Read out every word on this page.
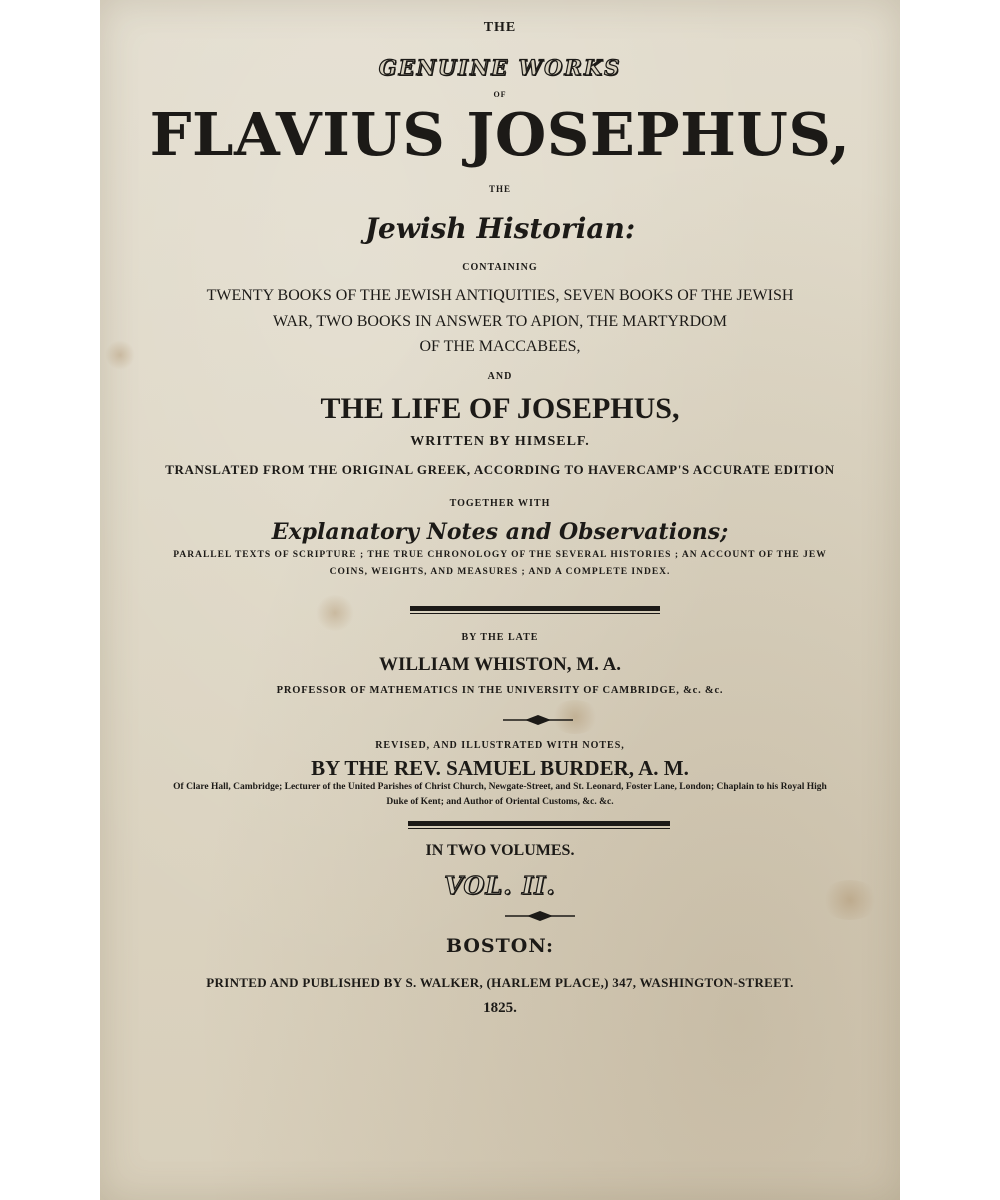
THE
GENUINE WORKS
OF
FLAVIUS JOSEPHUS,
THE
Jewish Historian:
CONTAINING
TWENTY BOOKS OF THE JEWISH ANTIQUITIES, SEVEN BOOKS OF THE JEWISH
WAR, TWO BOOKS IN ANSWER TO APION, THE MARTYRDOM
OF THE MACCABEES,
AND
THE LIFE OF JOSEPHUS,
WRITTEN BY HIMSELF.
TRANSLATED FROM THE ORIGINAL GREEK, ACCORDING TO HAVERCAMP'S ACCURATE EDITION
TOGETHER WITH
Explanatory Notes and Observations;
PARALLEL TEXTS OF SCRIPTURE ; THE TRUE CHRONOLOGY OF THE SEVERAL HISTORIES ; AN ACCOUNT OF THE JEW
COINS, WEIGHTS, AND MEASURES ; AND A COMPLETE INDEX.
BY THE LATE
WILLIAM WHISTON, M. A.
PROFESSOR OF MATHEMATICS IN THE UNIVERSITY OF CAMBRIDGE, &c. &c.
REVISED, AND ILLUSTRATED WITH NOTES,
BY THE REV. SAMUEL BURDER, A. M.
Of Clare Hall, Cambridge; Lecturer of the United Parishes of Christ Church, Newgate-Street, and St. Leonard, Foster Lane, London; Chaplain to his Royal High
Duke of Kent; and Author of Oriental Customs, &c. &c.
IN TWO VOLUMES.
VOL. II.
BOSTON:
PRINTED AND PUBLISHED BY S. WALKER, (HARLEM PLACE,) 347, WASHINGTON-STREET.
1825.
